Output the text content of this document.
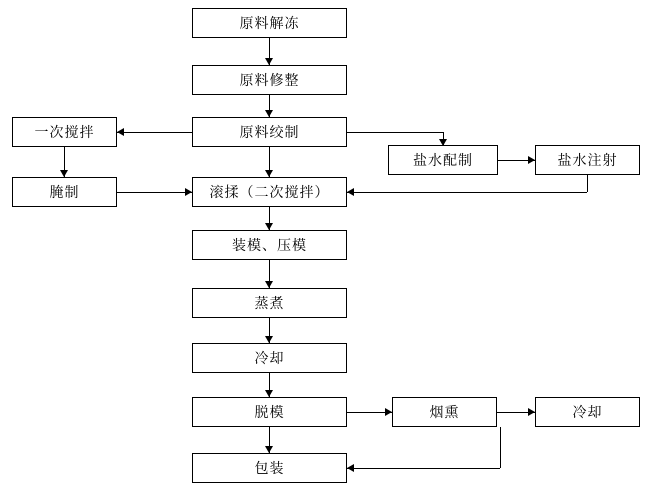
原料解冻
原料修整
原料绞制
一次搅拌
盐水配制	盐水注射
腌制	滚揉（二次搅拌）
装模、压模
蒸煮
冷却
脱模	烟熏	冷却
包装
